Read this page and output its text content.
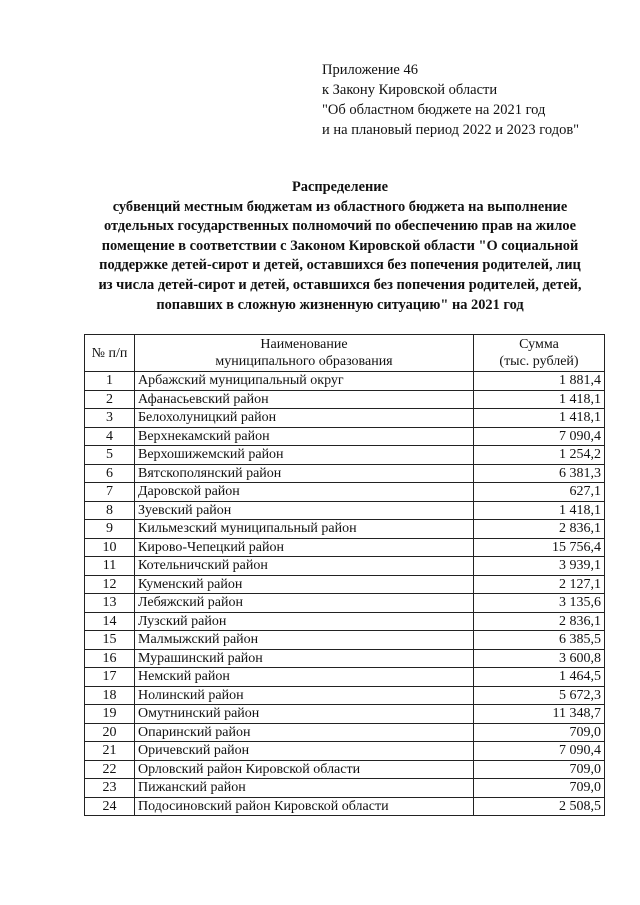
Приложение 46
к Закону Кировской области
"Об областном бюджете на 2021 год
и на плановый период 2022 и 2023 годов"
Распределение
субвенций местным бюджетам из областного бюджета на выполнение
отдельных государственных полномочий по обеспечению прав на жилое
помещение в соответствии с Законом Кировской области "О социальной
поддержке детей-сирот и детей, оставшихся без попечения родителей, лиц
из числа детей-сирот и детей, оставшихся без попечения родителей, детей,
попавших в сложную жизненную ситуацию" на 2021 год
№ п/п	Наименование
муниципального образования	Сумма
(тыс. рублей)

1	Арбажский муниципальный округ	1 881,4
2	Афанасьевский район	1 418,1
3	Белохолуницкий район	1 418,1
4	Верхнекамский район	7 090,4
5	Верхошижемский район	1 254,2
6	Вятскополянский район	6 381,3
7	Даровской район	627,1
8	Зуевский район	1 418,1
9	Кильмезский муниципальный район	2 836,1
10	Кирово-Чепецкий район	15 756,4
11	Котельничский район	3 939,1
12	Куменский район	2 127,1
13	Лебяжский район	3 135,6
14	Лузский район	2 836,1
15	Малмыжский район	6 385,5
16	Мурашинский район	3 600,8
17	Немский район	1 464,5
18	Нолинский район	5 672,3
19	Омутнинский район	11 348,7
20	Опаринский район	709,0
21	Оричевский район	7 090,4
22	Орловский район Кировской области	709,0
23	Пижанский район	709,0
24	Подосиновский район Кировской области	2 508,5
